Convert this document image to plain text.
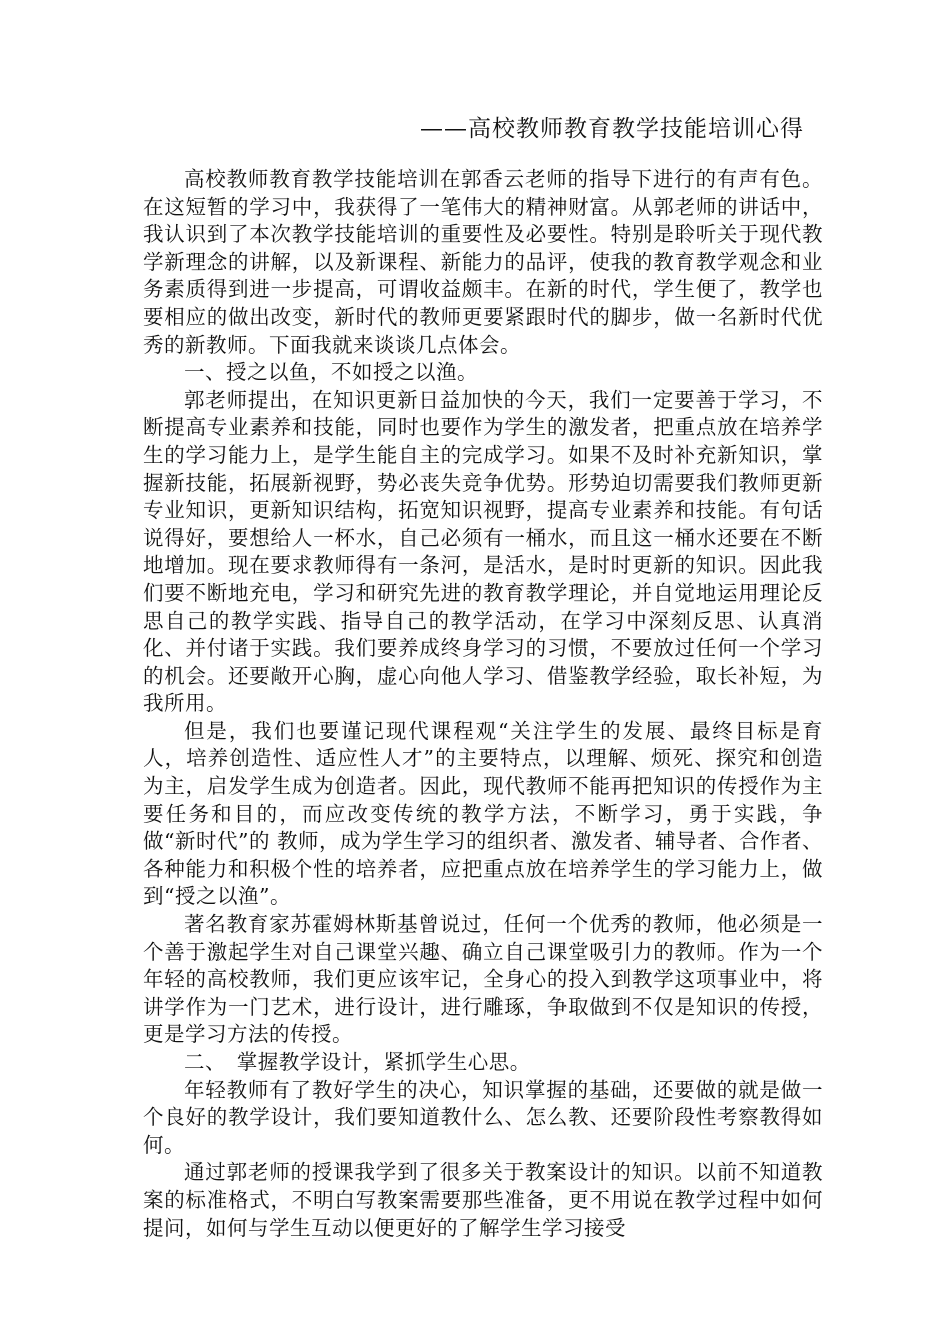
——高校教师教育教学技能培训心得

高校教师教育教学技能培训在郭香云老师的指导下进行的有声有色。在这短暂的学习中，我获得了一笔伟大的精神财富。从郭老师的讲话中，我认识到了本次教学技能培训的重要性及必要性。特别是聆听关于现代教学新理念的讲解，以及新课程、新能力的品评，使我的教育教学观念和业务素质得到进一步提高，可谓收益颇丰。在新的时代，学生便了，教学也要相应的做出改变，新时代的教师更要紧跟时代的脚步，做一名新时代优秀的新教师。下面我就来谈谈几点体会。

一、授之以鱼，不如授之以渔。

郭老师提出，在知识更新日益加快的今天，我们一定要善于学习，不断提高专业素养和技能，同时也要作为学生的激发者，把重点放在培养学生的学习能力上，是学生能自主的完成学习。如果不及时补充新知识，掌握新技能，拓展新视野，势必丧失竞争优势。形势迫切需要我们教师更新专业知识，更新知识结构，拓宽知识视野，提高专业素养和技能。有句话说得好，要想给人一杯水，自己必须有一桶水，而且这一桶水还要在不断地增加。现在要求教师得有一条河，是活水，是时时更新的知识。因此我们要不断地充电，学习和研究先进的教育教学理论，并自觉地运用理论反思自己的教学实践、指导自己的教学活动，在学习中深刻反思、认真消化、并付诸于实践。我们要养成终身学习的习惯，不要放过任何一个学习的机会。还要敞开心胸，虚心向他人学习、借鉴教学经验，取长补短，为我所用。

但是，我们也要谨记现代课程观“关注学生的发展、最终目标是育人，培养创造性、适应性人才”的主要特点，以理解、烦死、探究和创造为主，启发学生成为创造者。因此，现代教师不能再把知识的传授作为主要任务和目的，而应改变传统的教学方法，不断学习，勇于实践，争做“新时代”的 教师，成为学生学习的组织者、激发者、辅导者、合作者、各种能力和积极个性的培养者，应把重点放在培养学生的学习能力上，做到“授之以渔”。

著名教育家苏霍姆林斯基曾说过，任何一个优秀的教师，他必须是一个善于激起学生对自己课堂兴趣、确立自己课堂吸引力的教师。作为一个年轻的高校教师，我们更应该牢记，全身心的投入到教学这项事业中，将讲学作为一门艺术，进行设计，进行雕琢，争取做到不仅是知识的传授，更是学习方法的传授。

二、　掌握教学设计，紧抓学生心思。

年轻教师有了教好学生的决心，知识掌握的基础，还要做的就是做一个良好的教学设计，我们要知道教什么、怎么教、还要阶段性考察教得如何。

通过郭老师的授课我学到了很多关于教案设计的知识。以前不知道教案的标准格式，不明白写教案需要那些准备，更不用说在教学过程中如何提问，如何与学生互动以便更好的了解学生学习接受
